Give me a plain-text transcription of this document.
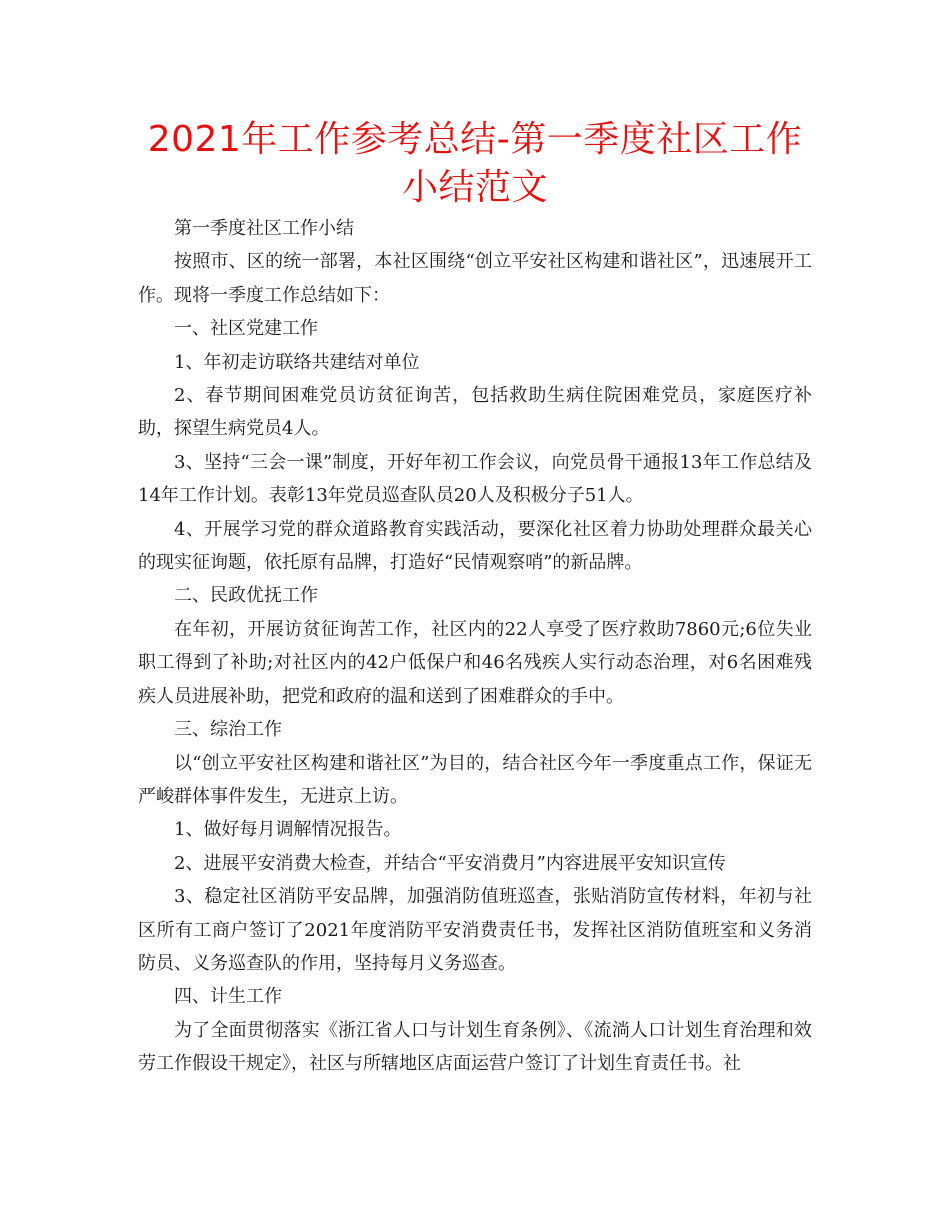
2021年工作参考总结-第一季度社区工作小结范文

第一季度社区工作小结

按照市、区的统一部署，本社区围绕“创立平安社区构建和谐社区”，迅速展开工作。现将一季度工作总结如下：

一、社区党建工作

1、年初走访联络共建结对单位

2、春节期间困难党员访贫征询苦，包括救助生病住院困难党员，家庭医疗补助，探望生病党员4人。

3、坚持“三会一课”制度，开好年初工作会议，向党员骨干通报13年工作总结及14年工作计划。表彰13年党员巡查队员20人及积极分子51人。

4、开展学习党的群众道路教育实践活动，要深化社区着力协助处理群众最关心的现实征询题，依托原有品牌，打造好“民情观察哨”的新品牌。

二、民政优抚工作

在年初，开展访贫征询苦工作，社区内的22人享受了医疗救助7860元;6位失业职工得到了补助;对社区内的42户低保户和46名残疾人实行动态治理，对6名困难残疾人员进展补助，把党和政府的温和送到了困难群众的手中。

三、综治工作

以“创立平安社区构建和谐社区”为目的，结合社区今年一季度重点工作，保证无严峻群体事件发生，无进京上访。

1、做好每月调解情况报告。

2、进展平安消费大检查，并结合“平安消费月”内容进展平安知识宣传

3、稳定社区消防平安品牌，加强消防值班巡查，张贴消防宣传材料，年初与社区所有工商户签订了2021年度消防平安消费责任书，发挥社区消防值班室和义务消防员、义务巡查队的作用，坚持每月义务巡查。

四、计生工作

为了全面贯彻落实《浙江省人口与计划生育条例》、《流淌人口计划生育治理和效劳工作假设干规定》，社区与所辖地区店面运营户签订了计划生育责任书。社
